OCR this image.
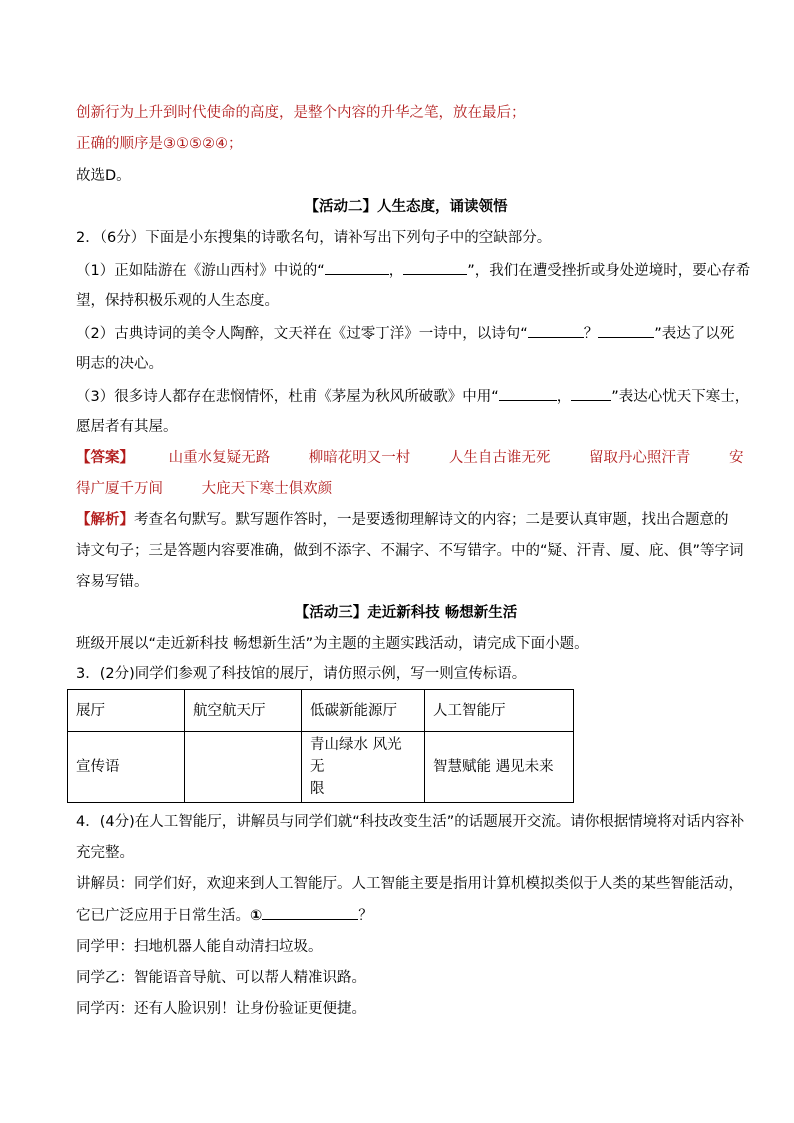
创新行为上升到时代使命的高度，是整个内容的升华之笔，放在最后；
正确的顺序是③①⑤②④；
故选D。
【活动二】人生态度，诵读领悟
2．（6分）下面是小东搜集的诗歌名句，请补写出下列句子中的空缺部分。
（1）正如陆游在《游山西村》中说的“	，	”，我们在遭受挫折或身处逆境时，要心存希
望，保持积极乐观的人生态度。
（2）古典诗词的美令人陶醉，文天祥在《过零丁洋》一诗中，以诗句“	？	”表达了以死
明志的决心。
（3）很多诗人都存在悲悯情怀，杜甫《茅屋为秋风所破歌》中用“	，	”表达心忧天下寒士，
愿居者有其屋。
【答案】 山重水复疑无路	柳暗花明又一村	人生自古谁无死	留取丹心照汗青	安
得广厦千万间	大庇天下寒士俱欢颜
【解析】考查名句默写。默写题作答时，一是要透彻理解诗文的内容；二是要认真审题，找出合题意的
诗文句子；三是答题内容要准确，做到不添字、不漏字、不写错字。中的“疑、汗青、厦、庇、俱”等字词
容易写错。
【活动三】走近新科技 畅想新生活
班级开展以“走近新科技 畅想新生活”为主题的主题实践活动，请完成下面小题。
3．(2分)同学们参观了科技馆的展厅，请仿照示例，写一则宣传标语。
展厅	航空航天厅	低碳新能源厅	人工智能厅
宣传语		青山绿水 风光无
限	智慧赋能 遇见未来
4．(4分)在人工智能厅，讲解员与同学们就“科技改变生活”的话题展开交流。请你根据情境将对话内容补
充完整。
讲解员：同学们好，欢迎来到人工智能厅。人工智能主要是指用计算机模拟类似于人类的某些智能活动，
它已广泛应用于日常生活。①	？
同学甲：扫地机器人能自动清扫垃圾。
同学乙：智能语音导航、可以帮人精准识路。
同学丙：还有人脸识别！让身份验证更便捷。
